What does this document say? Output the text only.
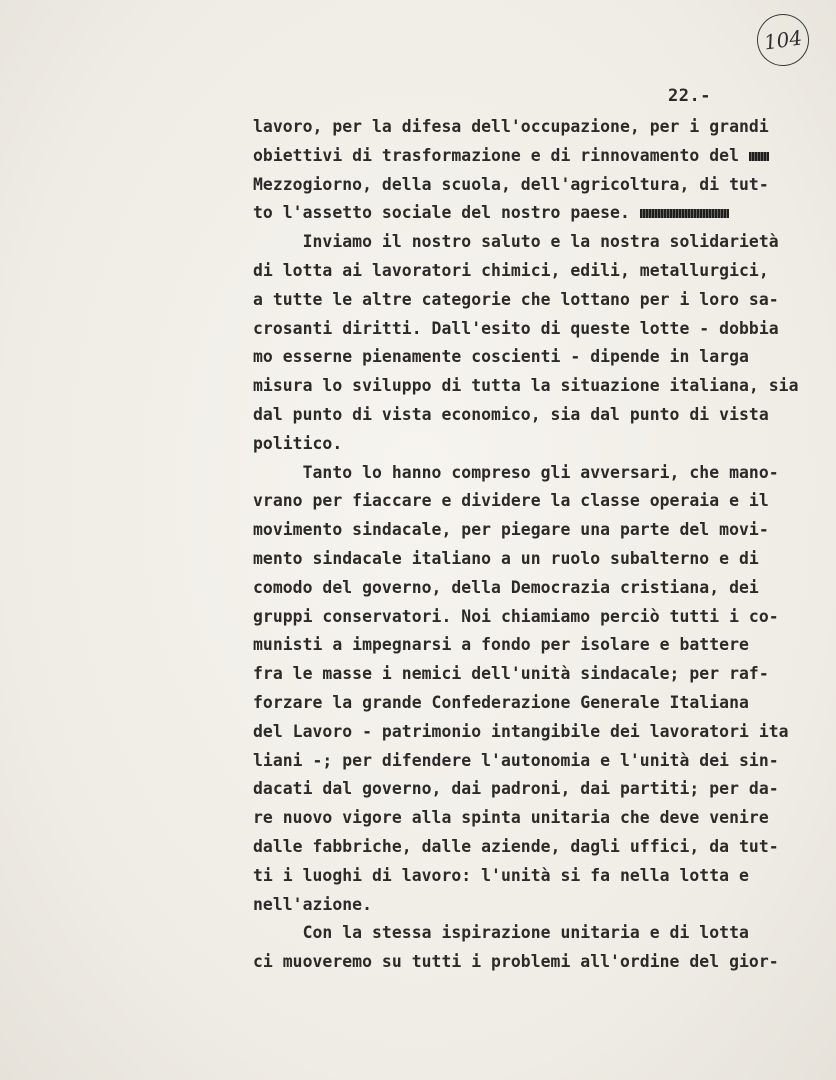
104
22.-
lavoro, per la difesa dell'occupazione, per i grandi
obiettivi di trasformazione e di rinnovamento del
Mezzogiorno, della scuola, dell'agricoltura, di tut-
to l'assetto sociale del nostro paese.
Inviamo il nostro saluto e la nostra solidarietà
di lotta ai lavoratori chimici, edili, metallurgici,
a tutte le altre categorie che lottano per i loro sa-
crosanti diritti. Dall'esito di queste lotte - dobbia
mo esserne pienamente coscienti - dipende in larga
misura lo sviluppo di tutta la situazione italiana, sia
dal punto di vista economico, sia dal punto di vista
politico.
Tanto lo hanno compreso gli avversari, che mano-
vrano per fiaccare e dividere la classe operaia e il
movimento sindacale, per piegare una parte del movi-
mento sindacale italiano a un ruolo subalterno e di
comodo del governo, della Democrazia cristiana, dei
gruppi conservatori. Noi chiamiamo perciò tutti i co-
munisti a impegnarsi a fondo per isolare e battere
fra le masse i nemici dell'unità sindacale; per raf-
forzare la grande Confederazione Generale Italiana
del Lavoro - patrimonio intangibile dei lavoratori ita
liani -; per difendere l'autonomia e l'unità dei sin-
dacati dal governo, dai padroni, dai partiti; per da-
re nuovo vigore alla spinta unitaria che deve venire
dalle fabbriche, dalle aziende, dagli uffici, da tut-
ti i luoghi di lavoro: l'unità si fa nella lotta e
nell'azione.
Con la stessa ispirazione unitaria e di lotta
ci muoveremo su tutti i problemi all'ordine del gior-
